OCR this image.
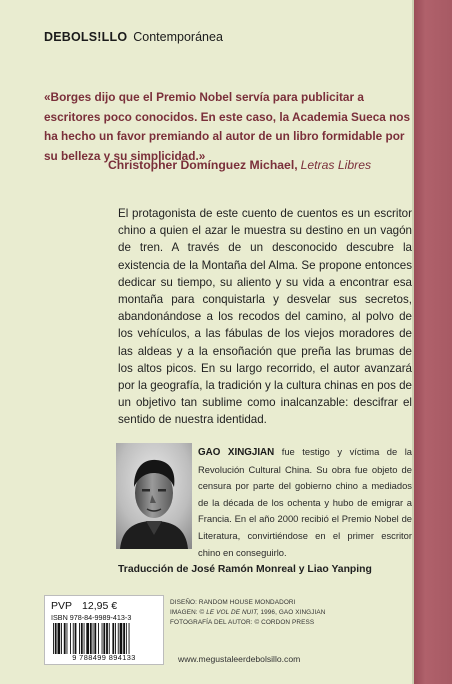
DEBOLS!LLO Contemporánea
«Borges dijo que el Premio Nobel servía para publicitar a escritores poco conocidos. En este caso, la Academia Sueca nos ha hecho un favor premiando al autor de un libro formidable por su belleza y su simplicidad.»
Christopher Domínguez Michael, Letras Libres
El protagonista de este cuento de cuentos es un escritor chino a quien el azar le muestra su destino en un vagón de tren. A través de un desconocido descubre la existencia de la Montaña del Alma. Se propone entonces dedicar su tiempo, su aliento y su vida a encontrar esa montaña para conquistarla y desvelar sus secretos, abandonándose a los recodos del camino, al polvo de los vehículos, a las fábulas de los viejos moradores de las aldeas y a la ensoñación que preña las brumas de los altos picos. En su largo recorrido, el autor avanzará por la geografía, la tradición y la cultura chinas en pos de un objetivo tan sublime como inalcanzable: descifrar el sentido de nuestra identidad.
GAO XINGJIAN fue testigo y víctima de la Revolución Cultural China. Su obra fue objeto de censura por parte del gobierno chino a mediados de la década de los ochenta y hubo de emigrar a Francia. En el año 2000 recibió el Premio Nobel de Literatura, convirtiéndose en el primer escritor chino en conseguirlo.
Traducción de José Ramón Monreal y Liao Yanping
PVP 12,95 €
ISBN 978-84-9989-413-3
9 788499 894133
DISEÑO: RANDOM HOUSE MONDADORI
IMAGEN: © LE VOL DE NUIT, 1996, GAO XINGJIAN
FOTOGRAFÍA DEL AUTOR: © CORDON PRESS
www.megustaleerdebolsillo.com
